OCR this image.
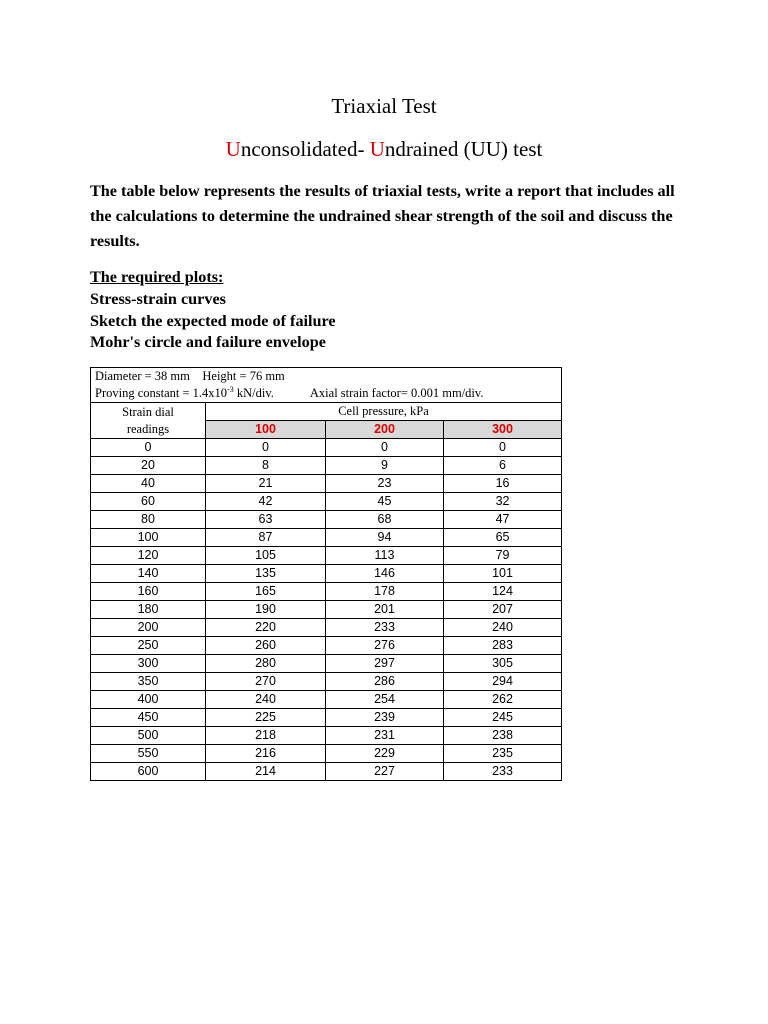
Triaxial Test
Unconsolidated- Undrained (UU) test
The table below represents the results of triaxial tests, write a report that includes all the calculations to determine the undrained shear strength of the soil and discuss the results.
The required plots:
Stress-strain curves
Sketch the expected mode of failure
Mohr's circle and failure envelope
Diameter = 38 mm    Height = 76 mm
Proving constant = $1.4x10^{-3}$ kN/div. Axial strain factor= 0.001 mm/div.			

Strain dial
readings	Cell pressure, kPa		
	100	200	300
0	0	0	0
20	8	9	6
40	21	23	16
60	42	45	32
80	63	68	47
100	87	94	65
120	105	113	79
140	135	146	101
160	165	178	124
180	190	201	207
200	220	233	240
250	260	276	283
300	280	297	305
350	270	286	294
400	240	254	262
450	225	239	245
500	218	231	238
550	216	229	235
600	214	227	233
